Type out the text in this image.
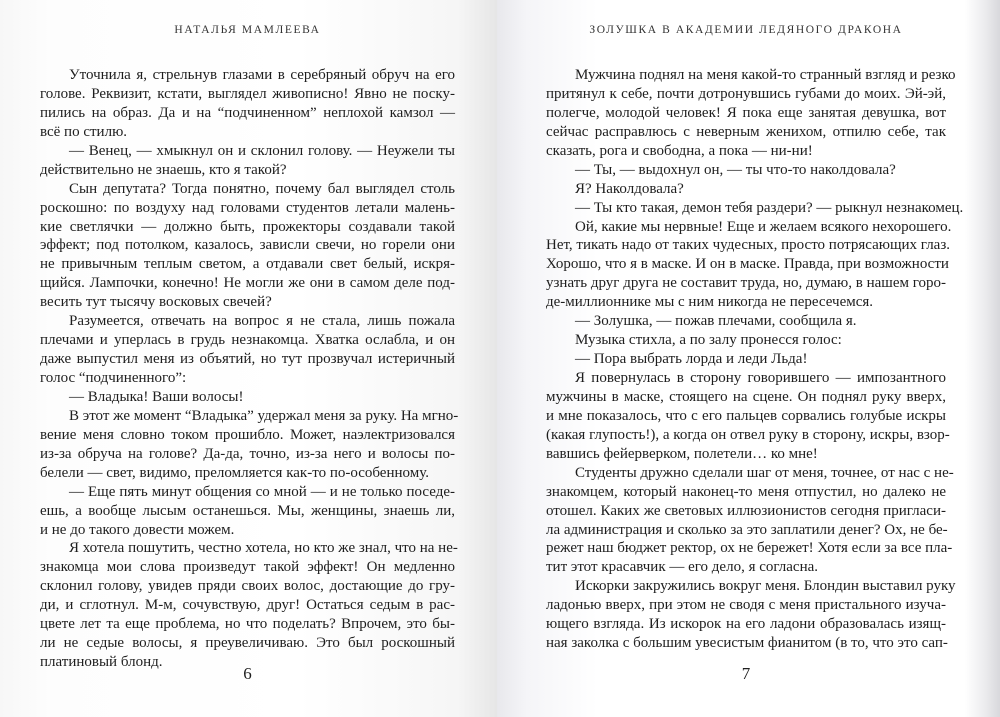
НАТАЛЬЯ МАМЛЕЕВА
Уточнила я, стрельнув глазами в серебряный обруч на его
голове. Реквизит, кстати, выглядел живописно! Явно не поску-
пились на образ. Да и на “подчиненном” неплохой камзол —
всё по стилю.
— Венец, — хмыкнул он и склонил голову. — Неужели ты
действительно не знаешь, кто я такой?
Сын депутата? Тогда понятно, почему бал выглядел столь
роскошно: по воздуху над головами студентов летали малень-
кие светлячки — должно быть, прожекторы создавали такой
эффект; под потолком, казалось, зависли свечи, но горели они
не привычным теплым светом, а отдавали свет белый, искря-
щийся. Лампочки, конечно! Не могли же они в самом деле под-
весить тут тысячу восковых свечей?
Разумеется, отвечать на вопрос я не стала, лишь пожала
плечами и уперлась в грудь незнакомца. Хватка ослабла, и он
даже выпустил меня из объятий, но тут прозвучал истеричный
голос “подчиненного”:
— Владыка! Ваши волосы!
В этот же момент “Владыка” удержал меня за руку. На мгно-
вение меня словно током прошибло. Может, наэлектризовался
из-за обруча на голове? Да-да, точно, из-за него и волосы по-
белели — свет, видимо, преломляется как-то по-особенному.
— Еще пять минут общения со мной — и не только поседе-
ешь, а вообще лысым останешься. Мы, женщины, знаешь ли,
и не до такого довести можем.
Я хотела пошутить, честно хотела, но кто же знал, что на не-
знакомца мои слова произведут такой эффект! Он медленно
склонил голову, увидев пряди своих волос, достающие до гру-
ди, и сглотнул. М-м, сочувствую, друг! Остаться седым в рас-
цвете лет та еще проблема, но что поделать? Впрочем, это бы-
ли не седые волосы, я преувеличиваю. Это был роскошный
платиновый блонд.
6
ЗОЛУШКА В АКАДЕМИИ ЛЕДЯНОГО ДРАКОНА
Мужчина поднял на меня какой-то странный взгляд и резко
притянул к себе, почти дотронувшись губами до моих. Эй-эй,
полегче, молодой человек! Я пока еще занятая девушка, вот
сейчас расправлюсь с неверным женихом, отпилю себе, так
сказать, рога и свободна, а пока — ни-ни!
— Ты, — выдохнул он, — ты что-то наколдовала?
Я? Наколдовала?
— Ты кто такая, демон тебя раздери? — рыкнул незнакомец.
Ой, какие мы нервные! Еще и желаем всякого нехорошего.
Нет, тикать надо от таких чудесных, просто потрясающих глаз.
Хорошо, что я в маске. И он в маске. Правда, при возможности
узнать друг друга не составит труда, но, думаю, в нашем горо-
де-миллионнике мы с ним никогда не пересечемся.
— Золушка, — пожав плечами, сообщила я.
Музыка стихла, а по залу пронесся голос:
— Пора выбрать лорда и леди Льда!
Я повернулась в сторону говорившего — импозантного
мужчины в маске, стоящего на сцене. Он поднял руку вверх,
и мне показалось, что с его пальцев сорвались голубые искры
(какая глупость!), а когда он отвел руку в сторону, искры, взор-
вавшись фейерверком, полетели… ко мне!
Студенты дружно сделали шаг от меня, точнее, от нас с не-
знакомцем, который наконец-то меня отпустил, но далеко не
отошел. Каких же световых иллюзионистов сегодня пригласи-
ла администрация и сколько за это заплатили денег? Ох, не бе-
режет наш бюджет ректор, ох не бережет! Хотя если за все пла-
тит этот красавчик — его дело, я согласна.
Искорки закружились вокруг меня. Блондин выставил руку
ладонью вверх, при этом не сводя с меня пристального изуча-
ющего взгляда. Из искорок на его ладони образовалась изящ-
ная заколка с большим увесистым фианитом (в то, что это сап-
7
